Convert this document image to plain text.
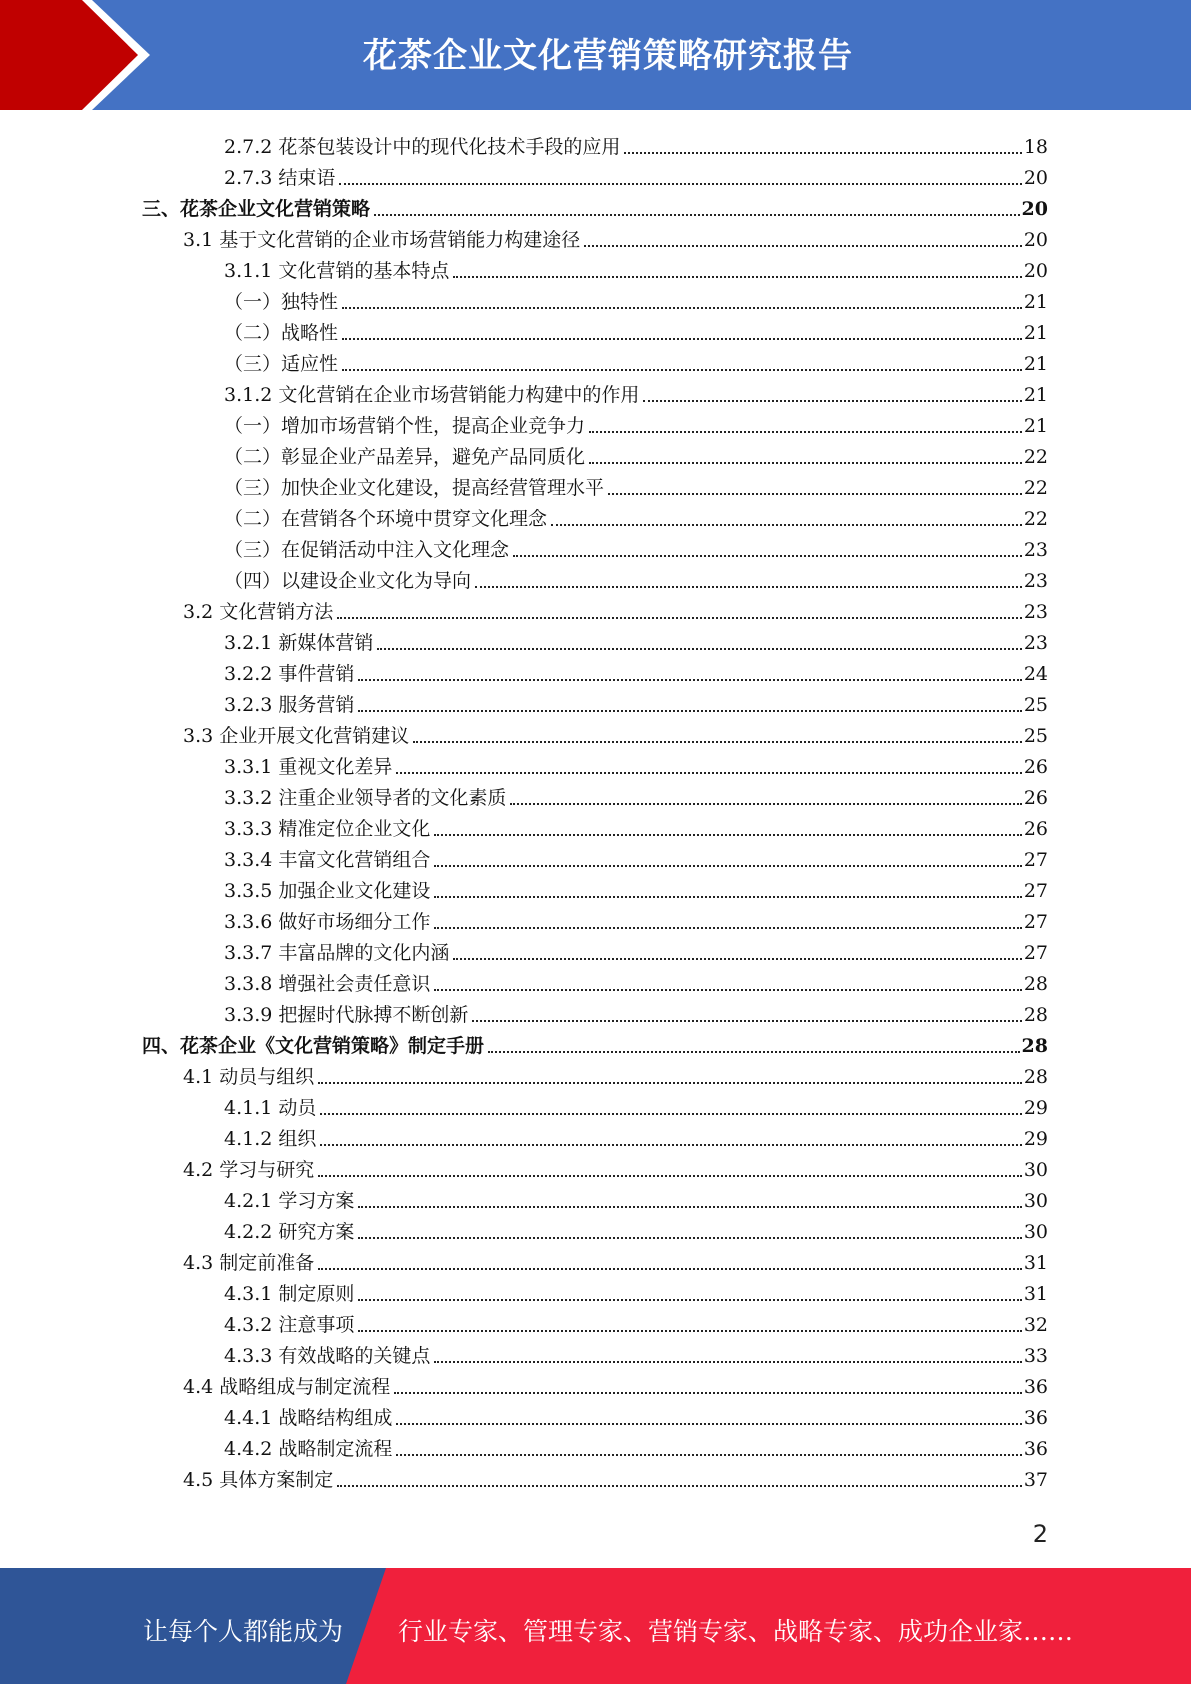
花茶企业文化营销策略研究报告
2.7.2 花茶包装设计中的现代化技术手段的应用	18
2.7.3 结束语	20
三、花茶企业文化营销策略	20
3.1 基于文化营销的企业市场营销能力构建途径	20
3.1.1 文化营销的基本特点	20
（一）独特性	21
（二）战略性	21
（三）适应性	21
3.1.2 文化营销在企业市场营销能力构建中的作用	21
（一）增加市场营销个性，提高企业竞争力	21
（二）彰显企业产品差异，避免产品同质化	22
（三）加快企业文化建设，提高经营管理水平	22
（二）在营销各个环境中贯穿文化理念	22
（三）在促销活动中注入文化理念	23
（四）以建设企业文化为导向	23
3.2 文化营销方法	23
3.2.1 新媒体营销	23
3.2.2 事件营销	24
3.2.3 服务营销	25
3.3 企业开展文化营销建议	25
3.3.1 重视文化差异	26
3.3.2 注重企业领导者的文化素质	26
3.3.3 精准定位企业文化	26
3.3.4 丰富文化营销组合	27
3.3.5 加强企业文化建设	27
3.3.6 做好市场细分工作	27
3.3.7 丰富品牌的文化内涵	27
3.3.8 增强社会责任意识	28
3.3.9 把握时代脉搏不断创新	28
四、花茶企业《文化营销策略》制定手册	28
4.1 动员与组织	28
4.1.1 动员	29
4.1.2 组织	29
4.2 学习与研究	30
4.2.1 学习方案	30
4.2.2 研究方案	30
4.3 制定前准备	31
4.3.1 制定原则	31
4.3.2 注意事项	32
4.3.3 有效战略的关键点	33
4.4 战略组成与制定流程	36
4.4.1 战略结构组成	36
4.4.2 战略制定流程	36
4.5 具体方案制定	37
2
让每个人都能成为 行业专家、管理专家、营销专家、战略专家、成功企业家……
